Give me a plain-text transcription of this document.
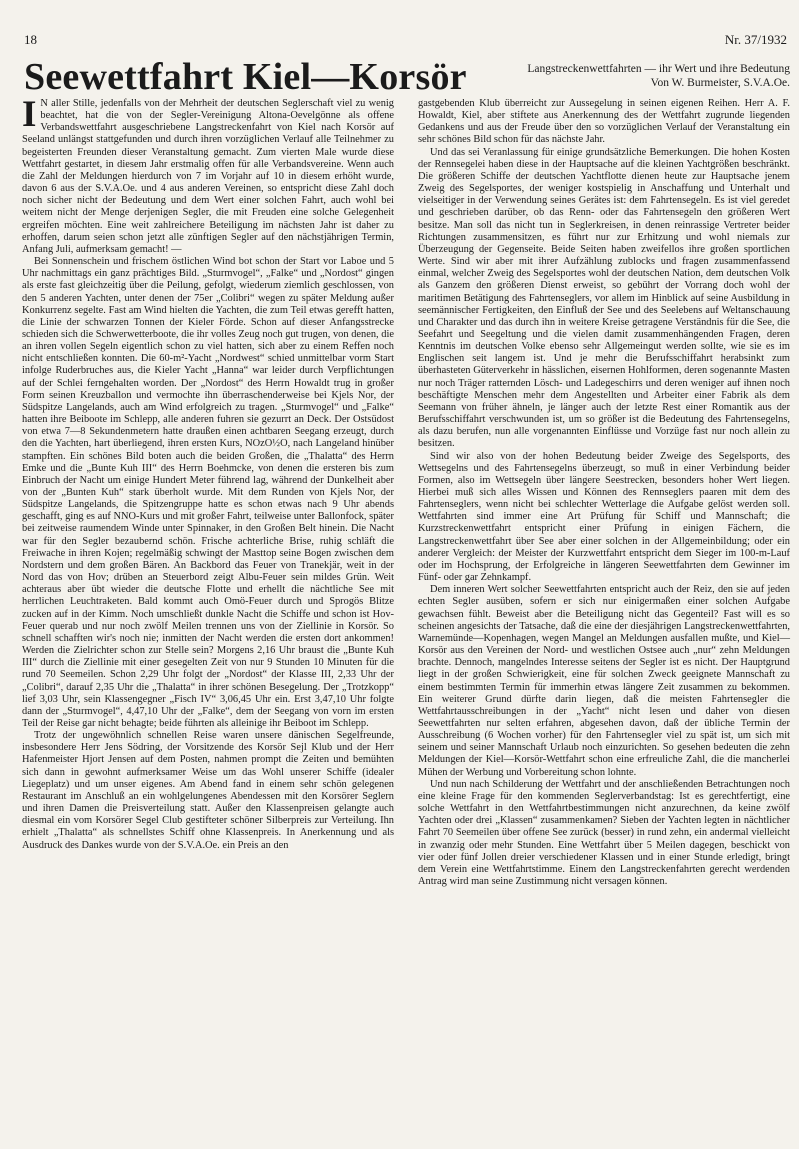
18	Nr. 37/1932
Seewettfahrt Kiel—Korsör	Langstreckenwettfahrten — ihr Wert und ihre Bedeutung
Von W. Burmeister, S.V.A.Oe.

I N aller Stille, jedenfalls von der Mehrheit der deutschen Seglerschaft viel zu wenig beachtet, hat die von der Segler-Vereinigung Altona-Oevelgönne als offene Verbandswettfahrt ausgeschriebene Langstreckenfahrt von Kiel nach Korsör auf Seeland unlängst stattgefunden und durch ihren vorzüglichen Verlauf alle Teilnehmer zu begeisterten Freunden dieser Veranstaltung gemacht. Zum vierten Male wurde diese Wettfahrt gestartet, in diesem Jahr erstmalig offen für alle Verbandsvereine. Wenn auch die Zahl der Meldungen hierdurch von 7 im Vorjahr auf 10 in diesem erhöht wurde, davon 6 aus der S.V.A.Oe. und 4 aus anderen Vereinen, so entspricht diese Zahl doch noch sicher nicht der Bedeutung und dem Wert einer solchen Fahrt, auch wohl bei weitem nicht der Menge derjenigen Segler, die mit Freuden eine solche Gelegenheit ergreifen möchten. Eine weit zahlreichere Beteiligung im nächsten Jahr ist daher zu erhoffen, darum seien schon jetzt alle zünftigen Segler auf den nächstjährigen Termin, Anfang Juli, aufmerksam gemacht! —

Bei Sonnenschein und frischem östlichen Wind bot schon der Start vor Laboe und 5 Uhr nachmittags ein ganz prächtiges Bild. „Sturmvogel“, „Falke“ und „Nordost“ gingen als erste fast gleichzeitig über die Peilung, gefolgt, wiederum ziemlich geschlossen, von den 5 anderen Yachten, unter denen der 75er „Colibri“ wegen zu später Meldung außer Konkurrenz segelte. Fast am Wind hielten die Yachten, die zum Teil etwas gerefft hatten, die Linie der schwarzen Tonnen der Kieler Förde. Schon auf dieser Anfangsstrecke schieden sich die Schwerwetterboote, die ihr volles Zeug noch gut trugen, von denen, die an ihren vollen Segeln eigentlich schon zu viel hatten, sich aber zu einem Reffen noch nicht entschließen konnten. Die 60-m²-Yacht „Nordwest“ schied unmittelbar vorm Start infolge Ruderbruches aus, die Kieler Yacht „Hanna“ war leider durch Verpflichtungen auf der Schlei ferngehalten worden. Der „Nordost“ des Herrn Howaldt trug in großer Form seinen Kreuzballon und vermochte ihn überraschenderweise bei Kjels Nor, der Südspitze Langelands, auch am Wind erfolgreich zu tragen. „Sturmvogel“ und „Falke“ hatten ihre Beiboote im Schlepp, alle anderen fuhren sie gezurrt an Deck. Der Ostsüdost von etwa 7—8 Sekundenmetern hatte draußen einen achtbaren Seegang erzeugt, durch den die Yachten, hart überliegend, ihren ersten Kurs, NOzO½O, nach Langeland hinüber stampften. Ein schönes Bild boten auch die beiden Großen, die „Thalatta“ des Herrn Emke und die „Bunte Kuh III“ des Herrn Boehmcke, von denen die ersteren bis zum Einbruch der Nacht um einige Hundert Meter führend lag, während der Dunkelheit aber von der „Bunten Kuh“ stark überholt wurde. Mit dem Runden von Kjels Nor, der Südspitze Langelands, die Spitzengruppe hatte es schon etwas nach 9 Uhr abends geschafft, ging es auf NNO-Kurs und mit großer Fahrt, teilweise unter Ballonfock, später bei zeitweise raumendem Winde unter Spinnaker, in den Großen Belt hinein. Die Nacht war für den Segler bezaubernd schön. Frische achterliche Brise, ruhig schläft die Freiwache in ihren Kojen; regelmäßig schwingt der Masttop seine Bogen zwischen dem Nordstern und dem großen Bären. An Backbord das Feuer von Tranekjär, weit in der Nord das von Hov; drüben an Steuerbord zeigt Albu-Feuer sein mildes Grün. Weit achteraus aber übt wieder die deutsche Flotte und erhellt die nächtliche See mit herrlichen Leuchtraketen. Bald kommt auch Omö-Feuer durch und Sprogös Blitze zucken auf in der Kimm. Noch umschließt dunkle Nacht die Schiffe und schon ist Hov-Feuer querab und nur noch zwölf Meilen trennen uns von der Ziellinie in Korsör. So schnell schafften wir's noch nie; inmitten der Nacht werden die ersten dort ankommen! Werden die Zielrichter schon zur Stelle sein? Morgens 2,16 Uhr braust die „Bunte Kuh III“ durch die Ziellinie mit einer gesegelten Zeit von nur 9 Stunden 10 Minuten für die rund 70 Seemeilen. Schon 2,29 Uhr folgt der „Nordost“ der Klasse III, 2,33 Uhr der „Colibri“, darauf 2,35 Uhr die „Thalatta“ in ihrer schönen Besegelung. Der „Trotzkopp“ lief 3,03 Uhr, sein Klassengegner „Fisch IV“ 3,06,45 Uhr ein. Erst 3,47,10 Uhr folgte dann der „Sturmvogel“, 4,47,10 Uhr der „Falke“, dem der Seegang von vorn im ersten Teil der Reise gar nicht behagte; beide führten als alleinige ihr Beiboot im Schlepp.

Trotz der ungewöhnlich schnellen Reise waren unsere dänischen Segelfreunde, insbesondere Herr Jens Södring, der Vorsitzende des Korsör Sejl Klub und der Herr Hafenmeister Hjort Jensen auf dem Posten, nahmen prompt die Zeiten und bemühten sich dann in gewohnt aufmerksamer Weise um das Wohl unserer Schiffe (idealer Liegeplatz) und um unser eigenes. Am Abend fand in einem sehr schön gelegenen Restaurant im Anschluß an ein wohlgelungenes Abendessen mit den Korsörer Seglern und ihren Damen die Preisverteilung statt. Außer den Klassenpreisen gelangte auch diesmal ein vom Korsörer Segel Club gestifteter schöner Silberpreis zur Verteilung. Ihn erhielt „Thalatta“ als schnellstes Schiff ohne Klassenpreis. In Anerkennung und als Ausdruck des Dankes wurde von der S.V.A.Oe. ein Preis an den

gastgebenden Klub überreicht zur Aussegelung in seinen eigenen Reihen. Herr A. F. Howaldt, Kiel, aber stiftete aus Anerkennung des der Wettfahrt zugrunde liegenden Gedankens und aus der Freude über den so vorzüglichen Verlauf der Veranstaltung ein sehr schönes Bild schon für das nächste Jahr.

Und das sei Veranlassung für einige grundsätzliche Bemerkungen. Die hohen Kosten der Rennsegelei haben diese in der Hauptsache auf die kleinen Yachtgrößen beschränkt. Die größeren Schiffe der deutschen Yachtflotte dienen heute zur Hauptsache jenem Zweig des Segelsportes, der weniger kostspielig in Anschaffung und Unterhalt und vielseitiger in der Verwendung seines Gerätes ist: dem Fahrtensegeln. Es ist viel geredet und geschrieben darüber, ob das Renn- oder das Fahrtensegeln den größeren Wert besitze. Man soll das nicht tun in Seglerkreisen, in denen reinrassige Vertreter beider Richtungen zusammensitzen, es führt nur zur Erhitzung und wohl niemals zur Überzeugung der Gegenseite. Beide Seiten haben zweifellos ihre großen sportlichen Werte. Sind wir aber mit ihrer Aufzählung zublocks und fragen zusammenfassend einmal, welcher Zweig des Segelsportes wohl der deutschen Nation, dem deutschen Volk als Ganzem den größeren Dienst erweist, so gebührt der Vorrang doch wohl der maritimen Betätigung des Fahrtenseglers, vor allem im Hinblick auf seine Ausbildung in seemännischer Fertigkeiten, den Einfluß der See und des Seelebens auf Weltanschauung und Charakter und das durch ihn in weitere Kreise getragene Verständnis für die See, die Seefahrt und Seegeltung und die vielen damit zusammenhängenden Fragen, deren Kenntnis im deutschen Volke ebenso sehr Allgemeingut werden sollte, wie sie es im Englischen seit langem ist. Und je mehr die Berufsschiffahrt herabsinkt zum überhasteten Güterverkehr in hässlichen, eisernen Hohlformen, deren sogenannte Masten nur noch Träger ratternden Lösch- und Ladegeschirrs und deren weniger auf ihnen noch beschäftigte Menschen mehr dem Angestellten und Arbeiter einer Fabrik als dem Seemann von früher ähneln, je länger auch der letzte Rest einer Romantik aus der Berufsschiffahrt verschwunden ist, um so größer ist die Bedeutung des Fahrtensegelns, als dazu berufen, nun alle vorgenannten Einflüsse und Vorzüge fast nur noch allein zu besitzen.

Sind wir also von der hohen Bedeutung beider Zweige des Segelsports, des Wettsegelns und des Fahrtensegelns überzeugt, so muß in einer Verbindung beider Formen, also im Wettsegeln über längere Seestrecken, besonders hoher Wert liegen. Hierbei muß sich alles Wissen und Können des Rennseglers paaren mit dem des Fahrtenseglers, wenn nicht bei schlechter Wetterlage die Aufgabe gelöst werden soll. Wettfahrten sind immer eine Art Prüfung für Schiff und Mannschaft; die Kurzstreckenwettfahrt entspricht einer Prüfung in einigen Fächern, die Langstreckenwettfahrt über See aber einer solchen in der Allgemeinbildung; oder ein anderer Vergleich: der Meister der Kurzwettfahrt entspricht dem Sieger im 100-m-Lauf oder im Hochsprung, der Erfolgreiche in längeren Seewettfahrten dem Gewinner im Fünf- oder gar Zehnkampf.

Dem inneren Wert solcher Seewettfahrten entspricht auch der Reiz, den sie auf jeden echten Segler ausüben, sofern er sich nur einigermaßen einer solchen Aufgabe gewachsen fühlt. Beweist aber die Beteiligung nicht das Gegenteil? Fast will es so scheinen angesichts der Tatsache, daß die eine der diesjährigen Langstreckenwettfahrten, Warnemünde—Kopenhagen, wegen Mangel an Meldungen ausfallen mußte, und Kiel—Korsör aus den Vereinen der Nord- und westlichen Ostsee auch „nur“ zehn Meldungen brachte. Dennoch, mangelndes Interesse seitens der Segler ist es nicht. Der Hauptgrund liegt in der großen Schwierigkeit, eine für solchen Zweck geeignete Mannschaft zu einem bestimmten Termin für immerhin etwas längere Zeit zusammen zu bekommen. Ein weiterer Grund dürfte darin liegen, daß die meisten Fahrtensegler die Wettfahrtausschreibungen in der „Yacht“ nicht lesen und daher von diesen Seewettfahrten nur selten erfahren, abgesehen davon, daß der übliche Termin der Ausschreibung (6 Wochen vorher) für den Fahrtensegler viel zu spät ist, um sich mit seinem und seiner Mannschaft Urlaub noch einzurichten. So gesehen bedeuten die zehn Meldungen der Kiel—Korsör-Wettfahrt schon eine erfreuliche Zahl, die die mancherlei Mühen der Werbung und Vorbereitung schon lohnte.

Und nun nach Schilderung der Wettfahrt und der anschließenden Betrachtungen noch eine kleine Frage für den kommenden Seglerverbandstag: Ist es gerechtfertigt, eine solche Wettfahrt in den Wettfahrtbestimmungen nicht anzurechnen, da keine zwölf Yachten oder drei „Klassen“ zusammenkamen? Sieben der Yachten legten in nächtlicher Fahrt 70 Seemeilen über offene See zurück (besser) in rund zehn, ein andermal vielleicht in zwanzig oder mehr Stunden. Eine Wettfahrt über 5 Meilen dagegen, beschickt von vier oder fünf Jollen dreier verschiedener Klassen und in einer Stunde erledigt, bringt dem Verein eine Wettfahrtstimme. Einem den Langstreckenfahrten gerecht werdenden Antrag wird man seine Zustimmung nicht versagen können.
